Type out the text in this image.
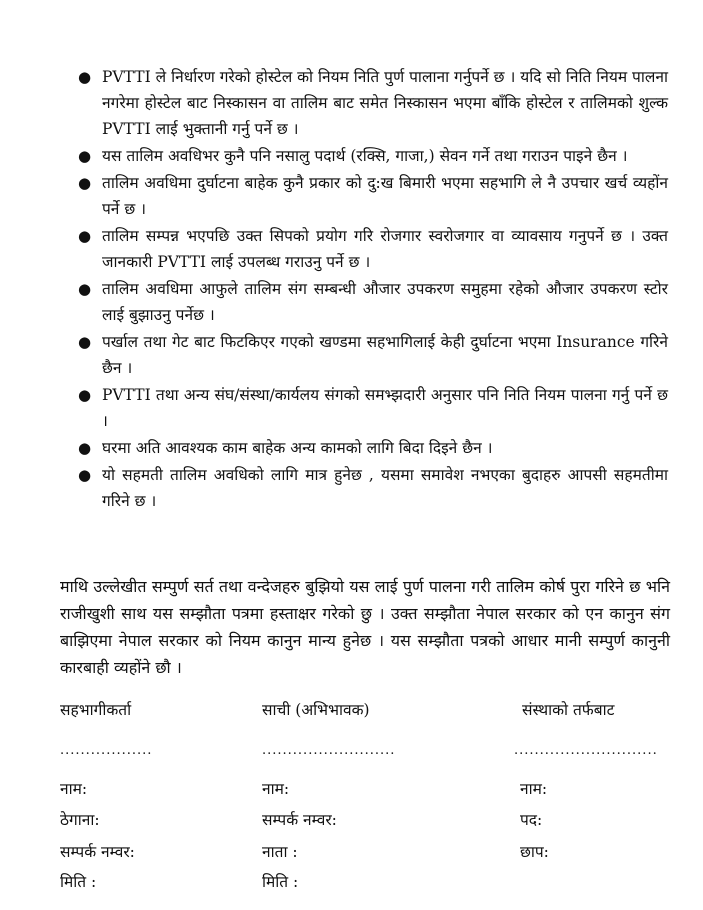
● PVTTI ले निर्धारण गरेको होस्टेल को नियम निति पुर्ण पालाना गर्नुपर्ने छ । यदि सो निति नियम पालना नगरेमा होस्टेल बाट निस्कासन वा तालिम बाट समेत निस्कासन भएमा बाँकि होस्टेल र तालिमको शुल्क PVTTI लाई भुक्तानी गर्नु पर्ने छ ।
● यस तालिम अवधिभर कुनै पनि नसालु पदार्थ (रक्सि, गाजा,) सेवन गर्ने तथा गराउन पाइने छैन ।
● तालिम अवधिमा दुर्घाटना बाहेक कुनै प्रकार को दु:ख बिमारी भएमा सहभागि ले नै उपचार खर्च व्यहोंन पर्ने छ ।
● तालिम सम्पन्न भएपछि उक्त सिपको प्रयोग गरि रोजगार स्वरोजगार वा व्यावसाय गनुपर्ने छ । उक्त जानकारी PVTTI लाई उपलब्ध गराउनु पर्ने छ ।
● तालिम अवधिमा आफुले तालिम संग सम्बन्धी औजार उपकरण समुहमा रहेको औजार उपकरण स्टोर लाई बुझाउनु पर्नेछ ।
● पर्खाल तथा गेट बाट फिटकिएर गएको खण्डमा सहभागिलाई केही दुर्घाटना भएमा Insurance गरिने छैन ।
● PVTTI तथा अन्य संघ/संस्था/कार्यलय संगको समभ्झदारी अनुसार पनि निति नियम पालना गर्नु पर्ने छ ।
● घरमा अति आवश्यक काम बाहेक अन्य कामको लागि बिदा दिइने छैन ।
● यो सहमती तालिम अवधिको लागि मात्र हुनेछ , यसमा समावेश नभएका बुदाहरु आपसी सहमतीमा गरिने छ ।

माथि उल्लेखीत सम्पुर्ण सर्त तथा वन्देजहरु बुझियो यस लाई पुर्ण पालना गरी तालिम कोर्ष पुरा गरिने छ भनि राजीखुशी साथ यस सम्झौता पत्रमा हस्ताक्षर गरेको छु । उक्त सम्झौता नेपाल सरकार को एन कानुन संग बाझिएमा नेपाल सरकार को नियम कानुन मान्य हुनेछ । यस सम्झौता पत्रको आधार मानी सम्पुर्ण कानुनी कारबाही व्यहोंने छौ ।

सहभागीकर्ता
..................
नाम:
ठेगाना:
सम्पर्क नम्वर:
मिति :
साची (अभिभावक)
..........................
नाम:
सम्पर्क नम्वर:
नाता :
मिति :
संस्थाको तर्फबाट
............................
नाम:
पद:
छाप:
